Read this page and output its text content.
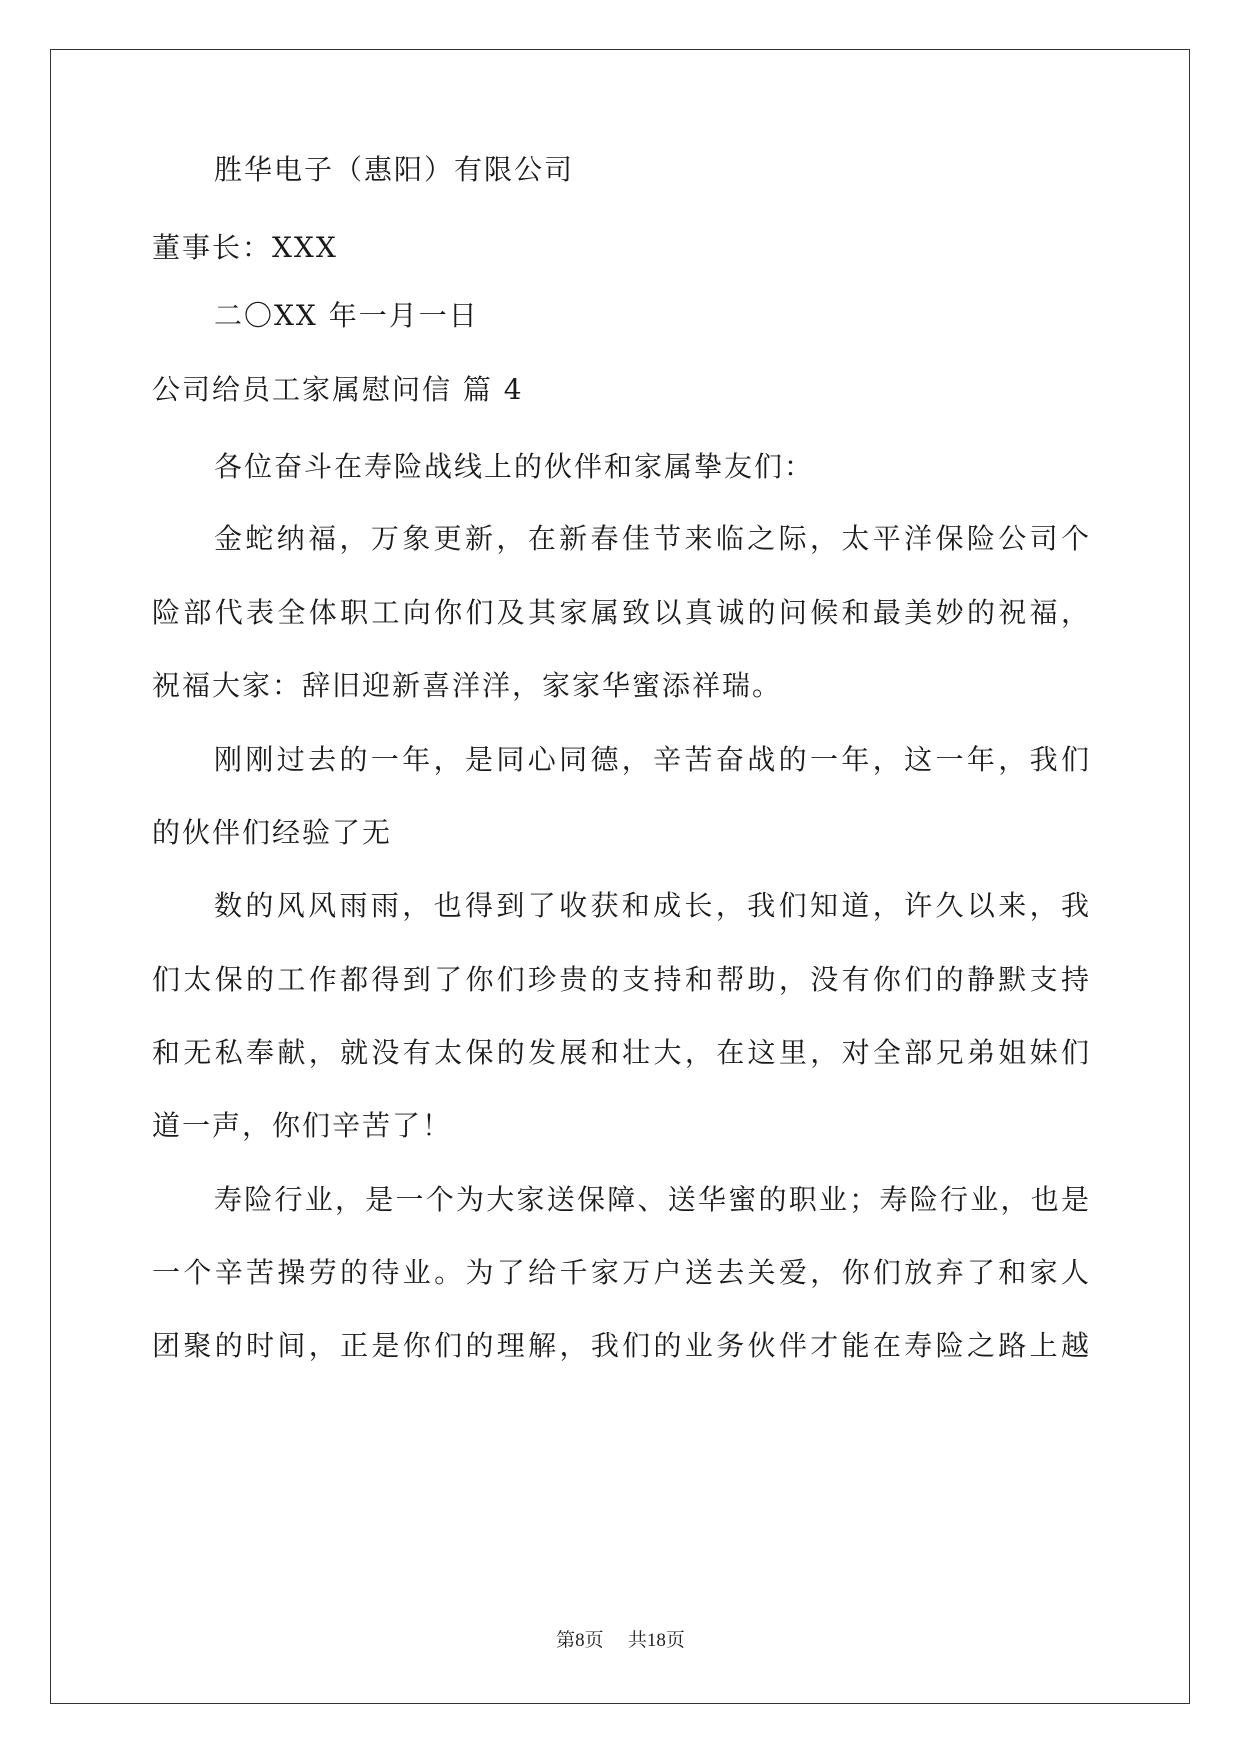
胜华电子（惠阳）有限公司
董事长：XXX
二〇XX 年一月一日
公司给员工家属慰问信 篇 4
各位奋斗在寿险战线上的伙伴和家属挚友们：
金蛇纳福，万象更新，在新春佳节来临之际，太平洋保险公司个
险部代表全体职工向你们及其家属致以真诚的问候和最美妙的祝福，
祝福大家：辞旧迎新喜洋洋，家家华蜜添祥瑞。
刚刚过去的一年，是同心同德，辛苦奋战的一年，这一年，我们
的伙伴们经验了无
数的风风雨雨，也得到了收获和成长，我们知道，许久以来，我
们太保的工作都得到了你们珍贵的支持和帮助，没有你们的静默支持
和无私奉献，就没有太保的发展和壮大，在这里，对全部兄弟姐妹们
道一声，你们辛苦了！
寿险行业，是一个为大家送保障、送华蜜的职业；寿险行业，也是
一个辛苦操劳的待业。为了给千家万户送去关爱，你们放弃了和家人
团聚的时间，正是你们的理解，我们的业务伙伴才能在寿险之路上越
第8页    共18页
